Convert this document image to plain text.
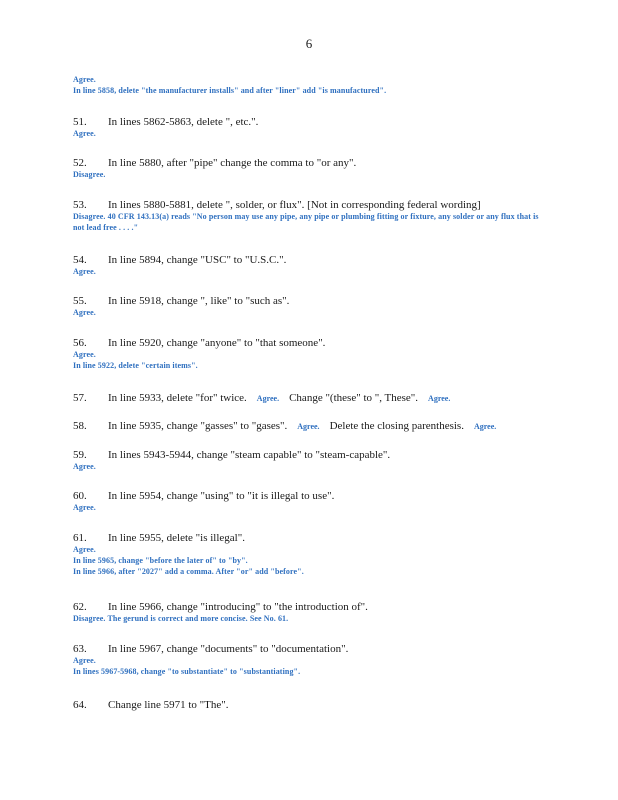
6
Agree.
In line 5858, delete "the manufacturer installs" and after "liner" add "is manufactured".
51. In lines 5862-5863, delete ", etc.".
Agree.
52. In line 5880, after "pipe" change the comma to "or any".
Disagree.
53. In lines 5880-5881, delete ", solder, or flux". [Not in corresponding federal wording]
Disagree. 40 CFR 143.13(a) reads "No person may use any pipe, any pipe or plumbing fitting or fixture, any solder or any flux that is not lead free . . . ."
54. In line 5894, change "USC" to "U.S.C.".
Agree.
55. In line 5918, change ", like" to "such as".
Agree.
56. In line 5920, change "anyone" to "that someone".
Agree.
In line 5922, delete "certain items".
57. In line 5933, delete "for" twice. Agree. Change "(these" to ", These". Agree.
58. In line 5935, change "gasses" to "gases". Agree. Delete the closing parenthesis. Agree.
59. In lines 5943-5944, change "steam capable" to "steam-capable".
Agree.
60. In line 5954, change "using" to "it is illegal to use".
Agree.
61. In line 5955, delete "is illegal".
Agree.
In line 5965, change "before the later of" to "by".
In line 5966, after "2027" add a comma. After "or" add "before".
62. In line 5966, change "introducing" to "the introduction of".
Disagree. The gerund is correct and more concise. See No. 61.
63. In line 5967, change "documents" to "documentation".
Agree.
In lines 5967-5968, change "to substantiate" to "substantiating".
64. Change line 5971 to "The".
